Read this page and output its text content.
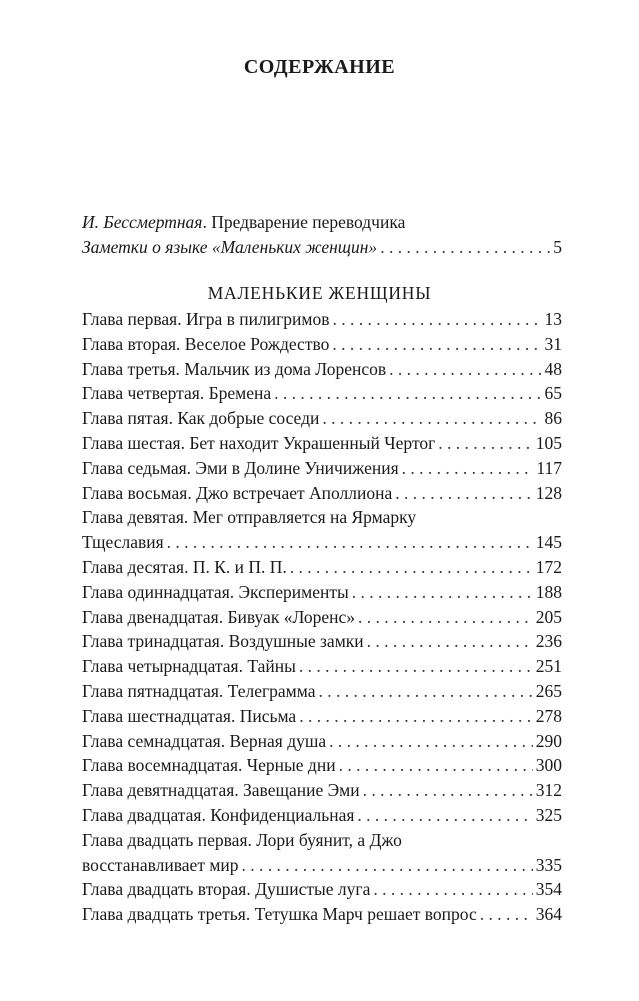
СОДЕРЖАНИЕ
И. Бессмертная. Предварение переводчика
Заметки о языке «Маленьких женщин» . . .	5
МАЛЕНЬКИЕ ЖЕНЩИНЫ
Глава первая. Игра в пилигримов . . .	13
Глава вторая. Веселое Рождество . . .	31
Глава третья. Мальчик из дома Лоренсов . . .	48
Глава четвертая. Бремена . . .	65
Глава пятая. Как добрые соседи . . .	86
Глава шестая. Бет находит Украшенный Чертог . . .	105
Глава седьмая. Эми в Долине Уничижения . . .	117
Глава восьмая. Джо встречает Аполлиона . . .	128
Глава девятая. Мег отправляется на Ярмарку
Тщеславия . . .	145
Глава десятая. П. К. и П. П. . . .	172
Глава одиннадцатая. Эксперименты . . .	188
Глава двенадцатая. Бивуак «Лоренс» . . .	205
Глава тринадцатая. Воздушные замки . . .	236
Глава четырнадцатая. Тайны . . .	251
Глава пятнадцатая. Телеграмма . . .	265
Глава шестнадцатая. Письма . . .	278
Глава семнадцатая. Верная душа . . .	290
Глава восемнадцатая. Черные дни . . .	300
Глава девятнадцатая. Завещание Эми . . .	312
Глава двадцатая. Конфиденциальная . . .	325
Глава двадцать первая. Лори буянит, а Джо
восстанавливает мир . . .	335
Глава двадцать вторая. Душистые луга . . .	354
Глава двадцать третья. Тетушка Марч решает вопрос . . .	364
